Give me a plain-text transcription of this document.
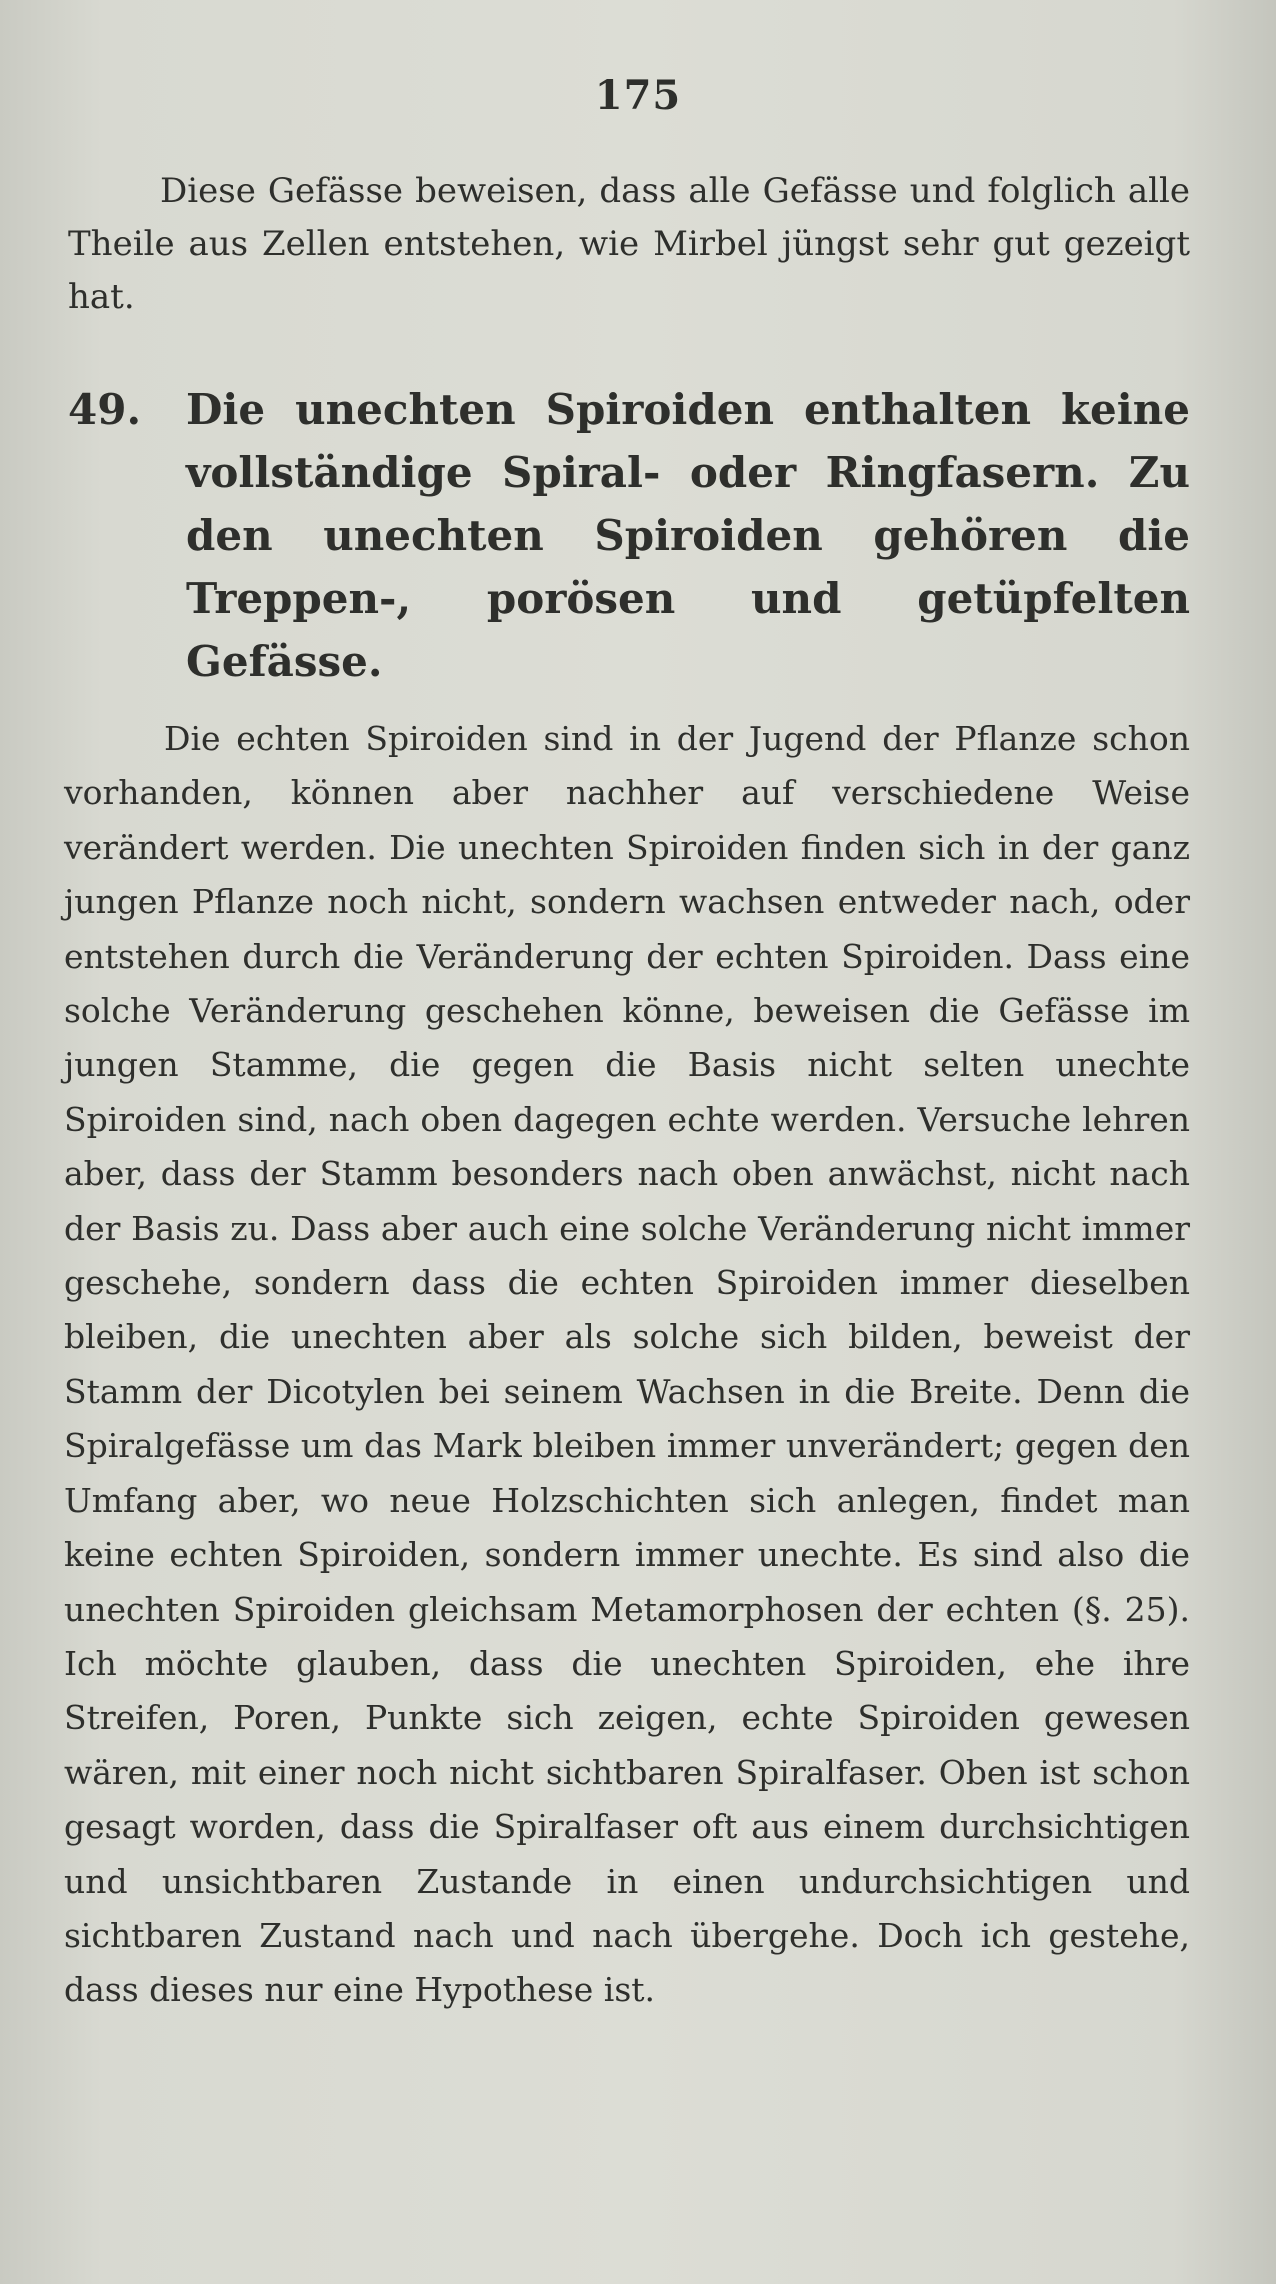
175

Diese Gefässe beweisen, dass alle Gefässe und folglich alle Theile aus Zellen entstehen, wie Mirbel jüngst sehr gut gezeigt hat.

49. Die unechten Spiroiden enthalten keine vollständige Spiral- oder Ringfasern. Zu den unechten Spiroiden gehören die Treppen-, porösen und getüpfelten Gefässe.

Die echten Spiroiden sind in der Jugend der Pflanze schon vorhanden, können aber nachher auf verschiedene Weise verändert werden. Die unechten Spiroiden finden sich in der ganz jungen Pflanze noch nicht, sondern wachsen entweder nach, oder entstehen durch die Veränderung der echten Spiroiden. Dass eine solche Veränderung geschehen könne, beweisen die Gefässe im jungen Stamme, die gegen die Basis nicht selten unechte Spiroiden sind, nach oben dagegen echte werden. Versuche lehren aber, dass der Stamm besonders nach oben anwächst, nicht nach der Basis zu. Dass aber auch eine solche Veränderung nicht immer geschehe, sondern dass die echten Spiroiden immer dieselben bleiben, die unechten aber als solche sich bilden, beweist der Stamm der Dicotylen bei seinem Wachsen in die Breite. Denn die Spiralgefässe um das Mark bleiben immer unverändert; gegen den Umfang aber, wo neue Holzschichten sich anlegen, findet man keine echten Spiroiden, sondern immer unechte. Es sind also die unechten Spiroiden gleichsam Metamorphosen der echten (§. 25). Ich möchte glauben, dass die unechten Spiroiden, ehe ihre Streifen, Poren, Punkte sich zeigen, echte Spiroiden gewesen wären, mit einer noch nicht sichtbaren Spiralfaser. Oben ist schon gesagt worden, dass die Spiralfaser oft aus einem durchsichtigen und unsichtbaren Zustande in einen undurchsichtigen und sichtbaren Zustand nach und nach übergehe. Doch ich gestehe, dass dieses nur eine Hypothese ist.
